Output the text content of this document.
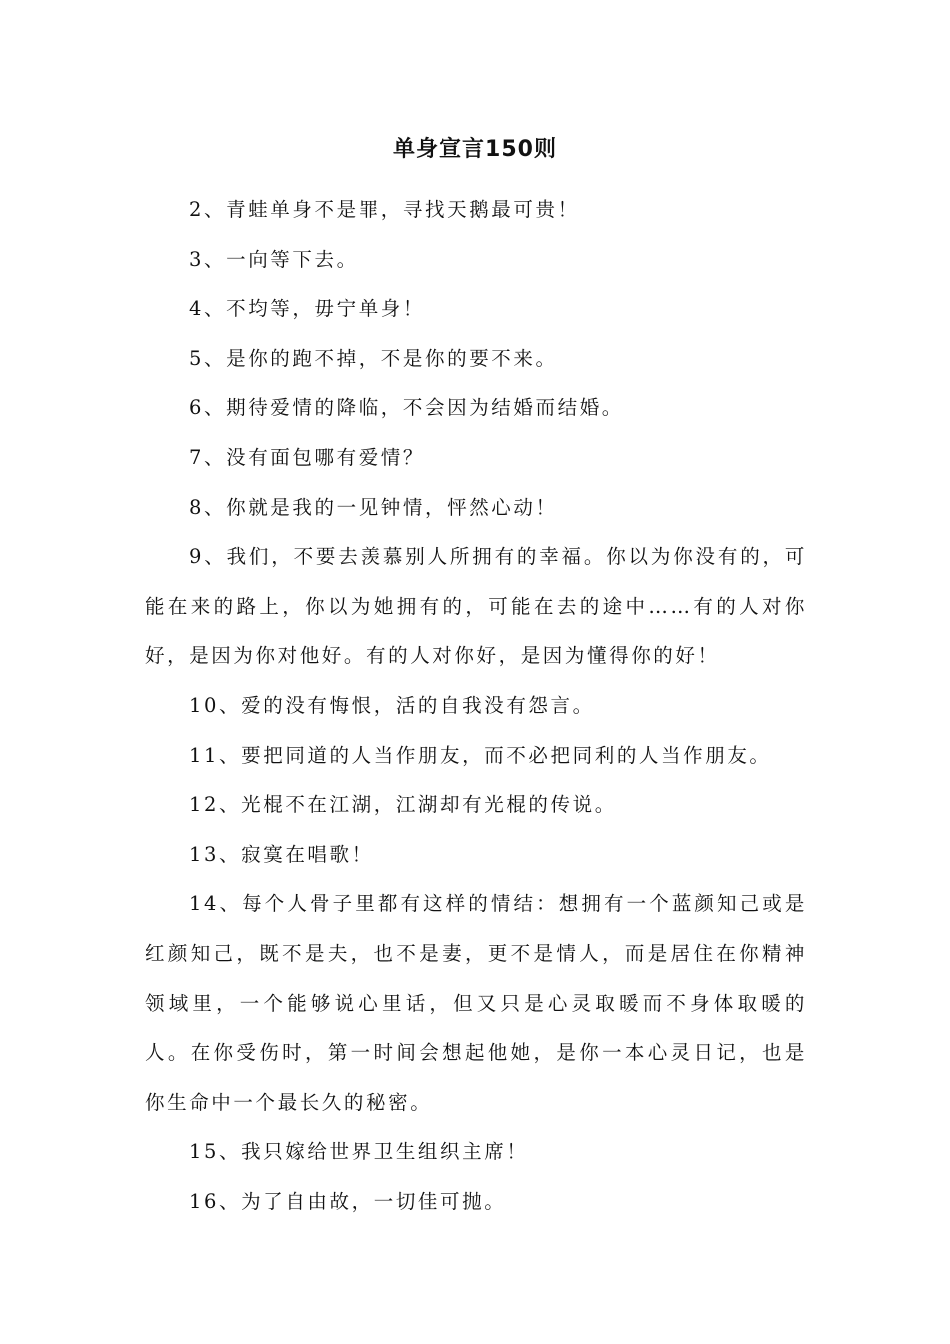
单身宣言150则

2、青蛙单身不是罪，寻找天鹅最可贵！

3、一向等下去。

4、不均等，毋宁单身！

5、是你的跑不掉，不是你的要不来。

6、期待爱情的降临，不会因为结婚而结婚。

7、没有面包哪有爱情？

8、你就是我的一见钟情，怦然心动！

9、我们，不要去羡慕别人所拥有的幸福。你以为你没有的，可能在来的路上，你以为她拥有的，可能在去的途中……有的人对你好，是因为你对他好。有的人对你好，是因为懂得你的好！

10、爱的没有悔恨，活的自我没有怨言。

11、要把同道的人当作朋友，而不必把同利的人当作朋友。

12、光棍不在江湖，江湖却有光棍的传说。

13、寂寞在唱歌！

14、每个人骨子里都有这样的情结：想拥有一个蓝颜知己或是红颜知己，既不是夫，也不是妻，更不是情人，而是居住在你精神领域里，一个能够说心里话，但又只是心灵取暖而不身体取暖的人。在你受伤时，第一时间会想起他她，是你一本心灵日记，也是你生命中一个最长久的秘密。

15、我只嫁给世界卫生组织主席！

16、为了自由故，一切佳可抛。
